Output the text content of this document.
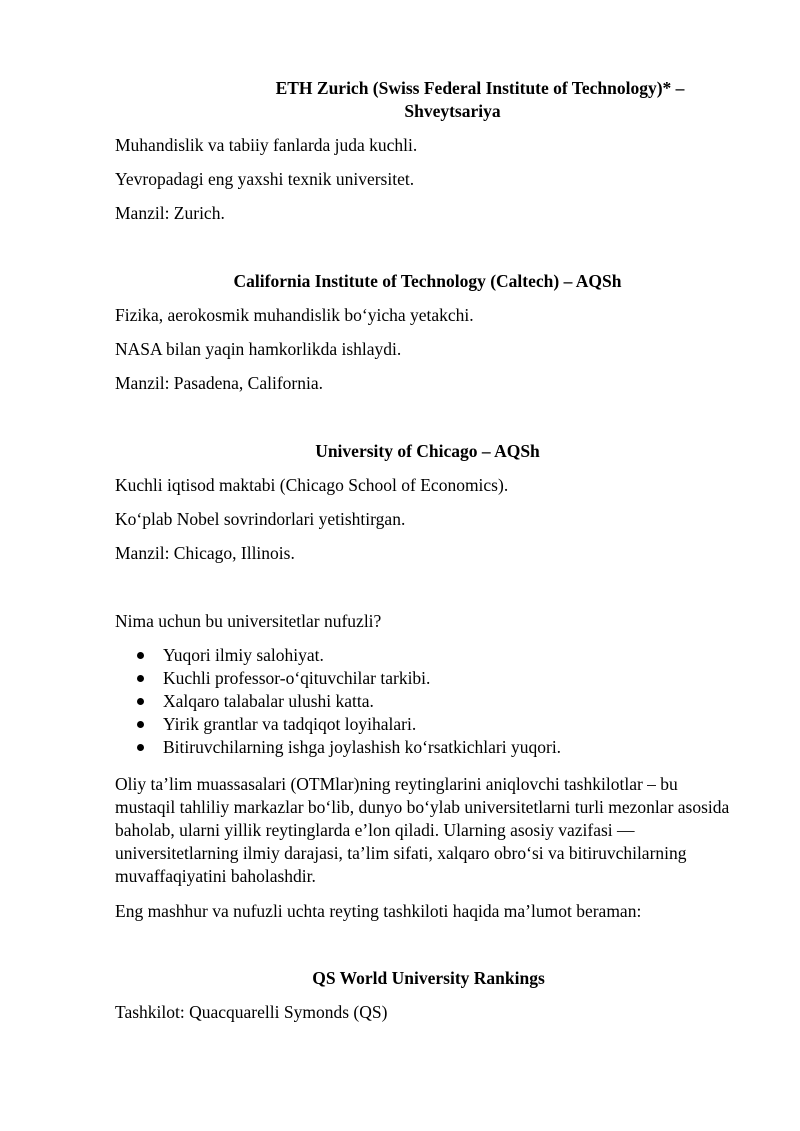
ETH Zurich (Swiss Federal Institute of Technology)* –

Shveytsariya

Muhandislik va tabiiy fanlarda juda kuchli.

Yevropadagi eng yaxshi texnik universitet.

Manzil: Zurich.

California Institute of Technology (Caltech) – AQSh

Fizika, aerokosmik muhandislik bo‘yicha yetakchi.

NASA bilan yaqin hamkorlikda ishlaydi.

Manzil: Pasadena, California.

University of Chicago – AQSh

Kuchli iqtisod maktabi (Chicago School of Economics).

Ko‘plab Nobel sovrindorlari yetishtirgan.

Manzil: Chicago, Illinois.

Nima uchun bu universitetlar nufuzli?

Yuqori ilmiy salohiyat.
Kuchli professor-o‘qituvchilar tarkibi.
Xalqaro talabalar ulushi katta.
Yirik grantlar va tadqiqot loyihalari.
Bitiruvchilarning ishga joylashish ko‘rsatkichlari yuqori.

Oliy ta’lim muassasalari (OTMlar)ning reytinglarini aniqlovchi tashkilotlar – bu mustaqil tahliliy markazlar bo‘lib, dunyo bo‘ylab universitetlarni turli mezonlar asosida baholab, ularni yillik reytinglarda e’lon qiladi. Ularning asosiy vazifasi — universitetlarning ilmiy darajasi, ta’lim sifati, xalqaro obro‘si va bitiruvchilarning muvaffaqiyatini baholashdir.

Eng mashhur va nufuzli uchta reyting tashkiloti haqida ma’lumot beraman:

QS World University Rankings

Tashkilot: Quacquarelli Symonds (QS)
